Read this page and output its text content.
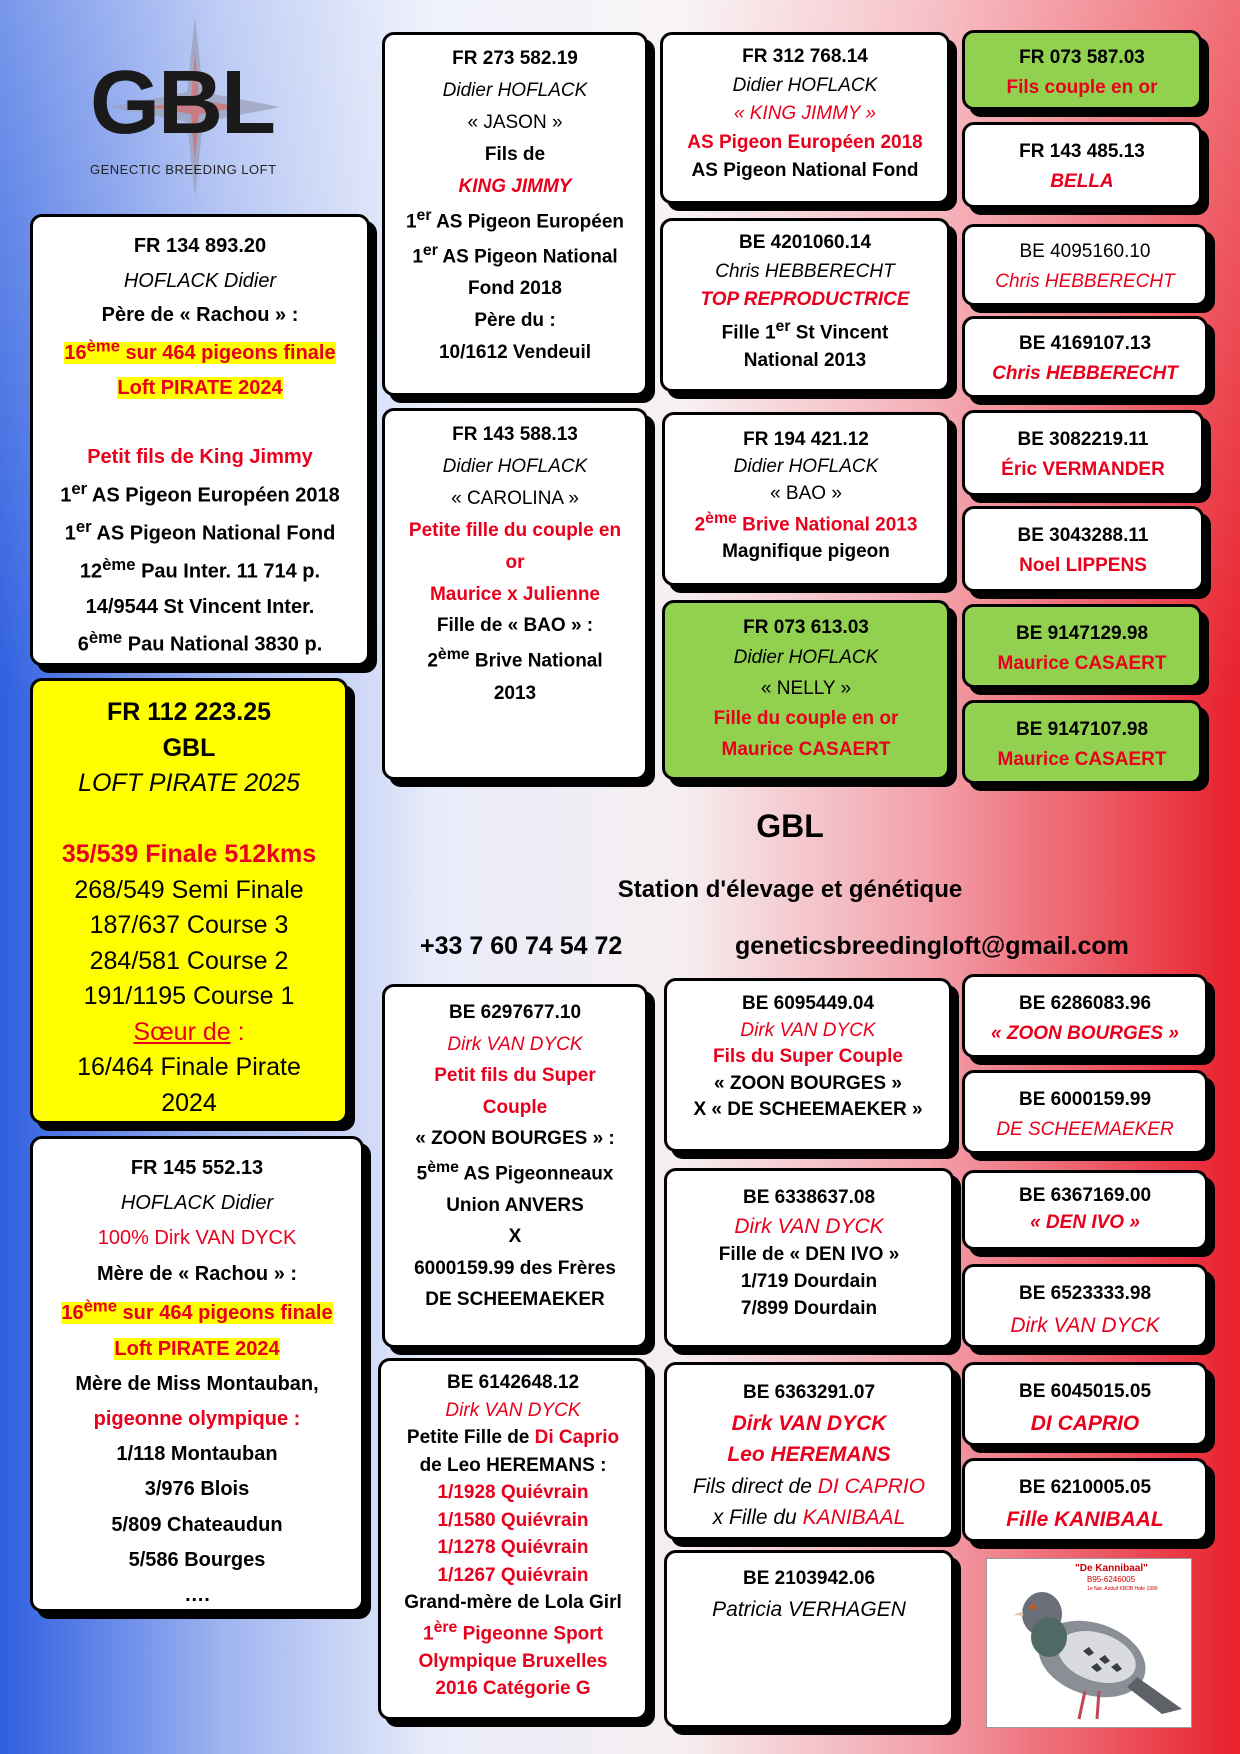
GBL
GENECTIC BREEDING LOFT
FR 134 893.20
HOFLACK Didier
Père de « Rachou » :
16ème sur 464 pigeons finale
Loft PIRATE 2024

Petit fils de King Jimmy
1er AS Pigeon Européen 2018
1er AS Pigeon National Fond
12ème Pau Inter. 11 714 p.
14/9544 St Vincent Inter.
6ème Pau National 3830 p.
FR 112 223.25
GBL
LOFT PIRATE 2025

35/539 Finale 512kms
268/549 Semi Finale
187/637 Course 3
284/581 Course 2
191/1195 Course 1
Sœur de :
16/464 Finale Pirate
2024
FR 145 552.13
HOFLACK Didier
100% Dirk VAN DYCK
Mère de « Rachou » :
16ème sur 464 pigeons finale
Loft PIRATE 2024
Mère de Miss Montauban,
pigeonne olympique :
1/118 Montauban
3/976 Blois
5/809 Chateaudun
5/586 Bourges
….
FR 273 582.19
Didier HOFLACK
« JASON »
Fils de
KING JIMMY
1er AS Pigeon Européen
1er AS Pigeon National
Fond 2018
Père du :
10/1612 Vendeuil
FR 143 588.13
Didier HOFLACK
« CAROLINA »
Petite fille du couple en
or
Maurice x Julienne
Fille de « BAO » :
2ème Brive National
2013
FR 312 768.14
Didier HOFLACK
« KING JIMMY »
AS Pigeon Européen 2018
AS Pigeon National Fond
BE 4201060.14
Chris HEBBERECHT
TOP REPRODUCTRICE
Fille 1er St Vincent
National 2013
FR 194 421.12
Didier HOFLACK
« BAO »
2ème Brive National 2013
Magnifique pigeon
FR 073 613.03
Didier HOFLACK
« NELLY »
Fille du couple en or
Maurice CASAERT
FR 073 587.03
Fils couple en or
FR 143 485.13
BELLA
BE 4095160.10
Chris HEBBERECHT
BE 4169107.13
Chris HEBBERECHT
BE 3082219.11
Éric VERMANDER
BE 3043288.11
Noel LIPPENS
BE 9147129.98
Maurice CASAERT
BE 9147107.98
Maurice CASAERT
GBL
Station d'élevage et génétique
+33 7 60 74 54 72	geneticsbreedingloft@gmail.com
BE 6297677.10
Dirk VAN DYCK
Petit fils du Super
Couple
« ZOON BOURGES » :
5ème AS Pigeonneaux
Union ANVERS
X
6000159.99 des Frères
DE SCHEEMAEKER
BE 6142648.12
Dirk VAN DYCK
Petite Fille de Di Caprio
de Leo HEREMANS :
1/1928 Quiévrain
1/1580 Quiévrain
1/1278 Quiévrain
1/1267 Quiévrain
Grand-mère de Lola Girl
1ère Pigeonne Sport
Olympique Bruxelles
2016 Catégorie G
BE 6095449.04
Dirk VAN DYCK
Fils du Super Couple
« ZOON BOURGES »
X « DE SCHEEMAEKER »
BE 6338637.08
Dirk VAN DYCK
Fille de « DEN IVO »
1/719 Dourdain
7/899 Dourdain
BE 6363291.07
Dirk VAN DYCK
Leo HEREMANS
Fils direct de DI CAPRIO
x Fille du KANIBAAL
BE 2103942.06
Patricia VERHAGEN
BE 6286083.96
« ZOON BOURGES »
BE 6000159.99
DE SCHEEMAEKER
BE 6367169.00
« DEN IVO »
BE 6523333.98
Dirk VAN DYCK
BE 6045015.05
DI CAPRIO
BE 6210005.05
Fille KANIBAAL
"De Kannibaal"
B95-6246005
1e Nat. Asduif KBDB Hafe 1996
